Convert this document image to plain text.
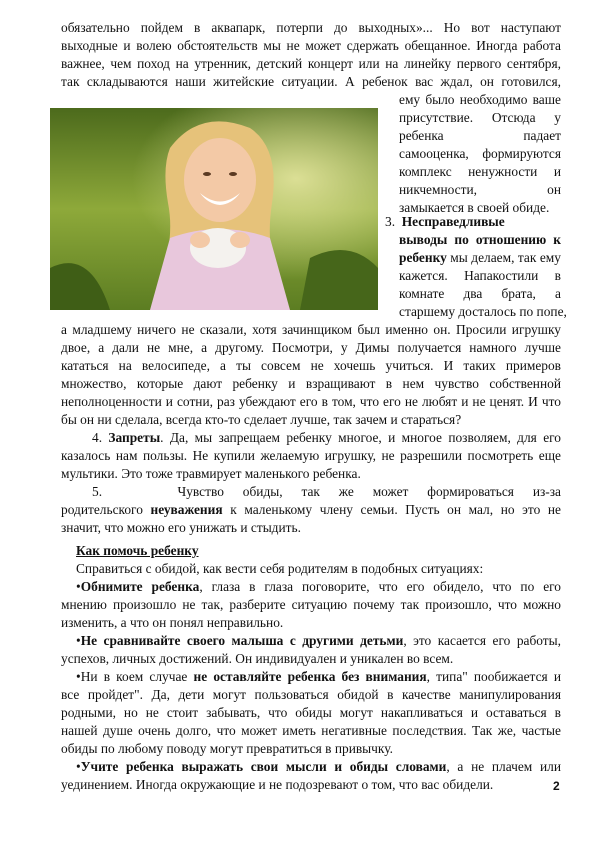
обязательно пойдем в аквапарк, потерпи до выходных»... Но вот наступают
выходные и волею обстоятельств мы не может сдержать обещанное. Иногда работа
важнее, чем поход на утренник, детский концерт или на линейку первого сентября,
так складываются наши житейские ситуации. А ребенок вас ждал, он готовился,
ему было необходимо ваше
присутствие. Отсюда у
ребенка падает
самооценка, формируются
комплекс ненужности и
никчемности, он
замыкается в своей обиде.
3. Несправедливые
выводы по отношению к
ребенку мы делаем, так ему
кажется. Напакостили в
комнате два брата, а
старшему досталось по попе,
а младшему ничего не сказали, хотя зачинщиком был именно он. Просили игрушку
двое, а дали не мне, а другому. Посмотри, у Димы получается намного лучше
кататься на велосипеде, а ты совсем не хочешь учиться. И таких примеров
множество, которые дают ребенку и взращивают в нем чувство собственной
неполноценности и сотни, раз убеждают его в том, что его не любят и не ценят. И что
бы он ни сделала, всегда кто-то сделает лучше, так зачем и стараться?
4. Запреты. Да, мы запрещаем ребенку многое, и многое позволяем, для его
казалось нам пользы. Не купили желаемую игрушку, не разрешили посмотреть еще
мультики. Это тоже травмирует маленького ребенка.
5.	Чувство обиды, так же может формироваться из-за
родительского неуважения к маленькому члену семьи. Пусть он мал, но это не
значит, что можно его унижать и стыдить.
Как помочь ребенку
Справиться с обидой, как вести себя родителям в подобных ситуациях:
•Обнимите ребенка, глаза в глаза поговорите, что его обидело, что по его
мнению произошло не так, разберите ситуацию почему так произошло, что можно
изменить, а что он понял неправильно.
•Не сравнивайте своего малыша с другими детьми, это касается его работы,
успехов, личных достижений. Он индивидуален и уникален во всем.
•Ни в коем случае не оставляйте ребенка без внимания, типа" пообижается и
все пройдет". Да, дети могут пользоваться обидой в качестве манипулирования
родными, но не стоит забывать, что обиды могут накапливаться и оставаться в
нашей душе очень долго, что может иметь негативные последствия. Так же, частые
обиды по любому поводу могут превратиться в привычку.
•Учите ребенка выражать свои мысли и обиды словами, а не плачем или
уединением. Иногда окружающие и не подозревают о том, что вас обидели.	2
